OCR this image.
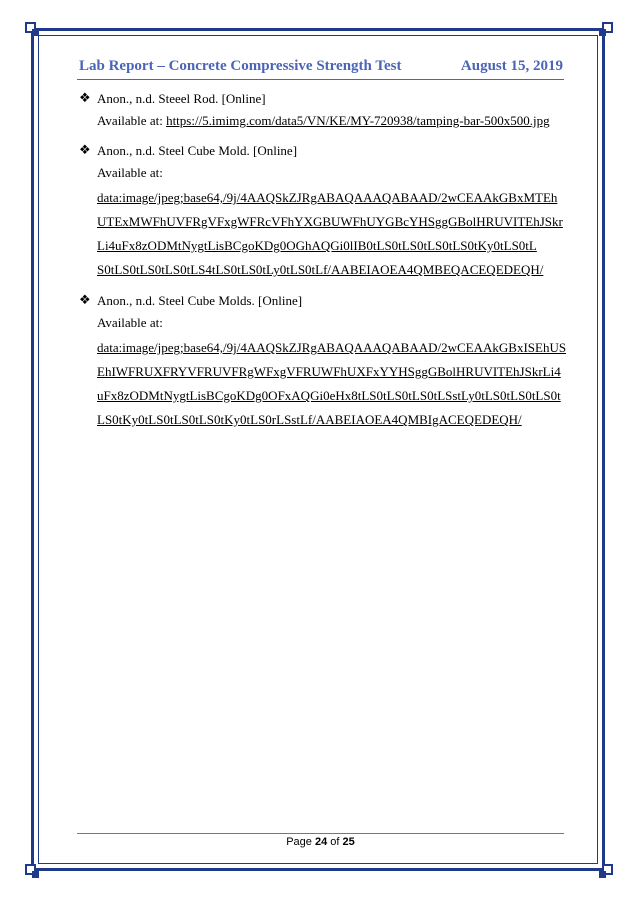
Lab Report – Concrete Compressive Strength Test	August 15, 2019
❖ Anon., n.d. Steeel Rod. [Online]
Available at: https://5.imimg.com/data5/VN/KE/MY-720938/tamping-bar-500x500.jpg
❖ Anon., n.d. Steel Cube Mold. [Online]
Available at:
data:image/jpeg;base64,/9j/4AAQSkZJRgABAQAAAQABAAD/2wCEAAkGBxMTEh
UTExMWFhUVFRgVFxgWFRcVFhYXGBUWFhUYGBcYHSggGBolHRUVITEhJSkr
Li4uFx8zODMtNygtLisBCgoKDg0OGhAQGi0lIB0tLS0tLS0tLS0tLS0tKy0tLS0tL
S0tLS0tLS0tLS0tLS4tLS0tLS0tLy0tLS0tLf/AABEIAOEA4QMBEQACEQEDEQH/
❖ Anon., n.d. Steel Cube Molds. [Online]
Available at:
data:image/jpeg;base64,/9j/4AAQSkZJRgABAQAAAQABAAD/2wCEAAkGBxISEhUS
EhIWFRUXFRYVFRUVFRgWFxgVFRUWFhUXFxYYHSggGBolHRUVITEhJSkrLi4
uFx8zODMtNygtLisBCgoKDg0OFxAQGi0eHx8tLS0tLS0tLS0tLSstLy0tLS0tLS0tLS0t
LS0tKy0tLS0tLS0tLS0tKy0tLS0rLSstLf/AABEIAOEA4QMBIgACEQEDEQH/
Page 24 of 25
